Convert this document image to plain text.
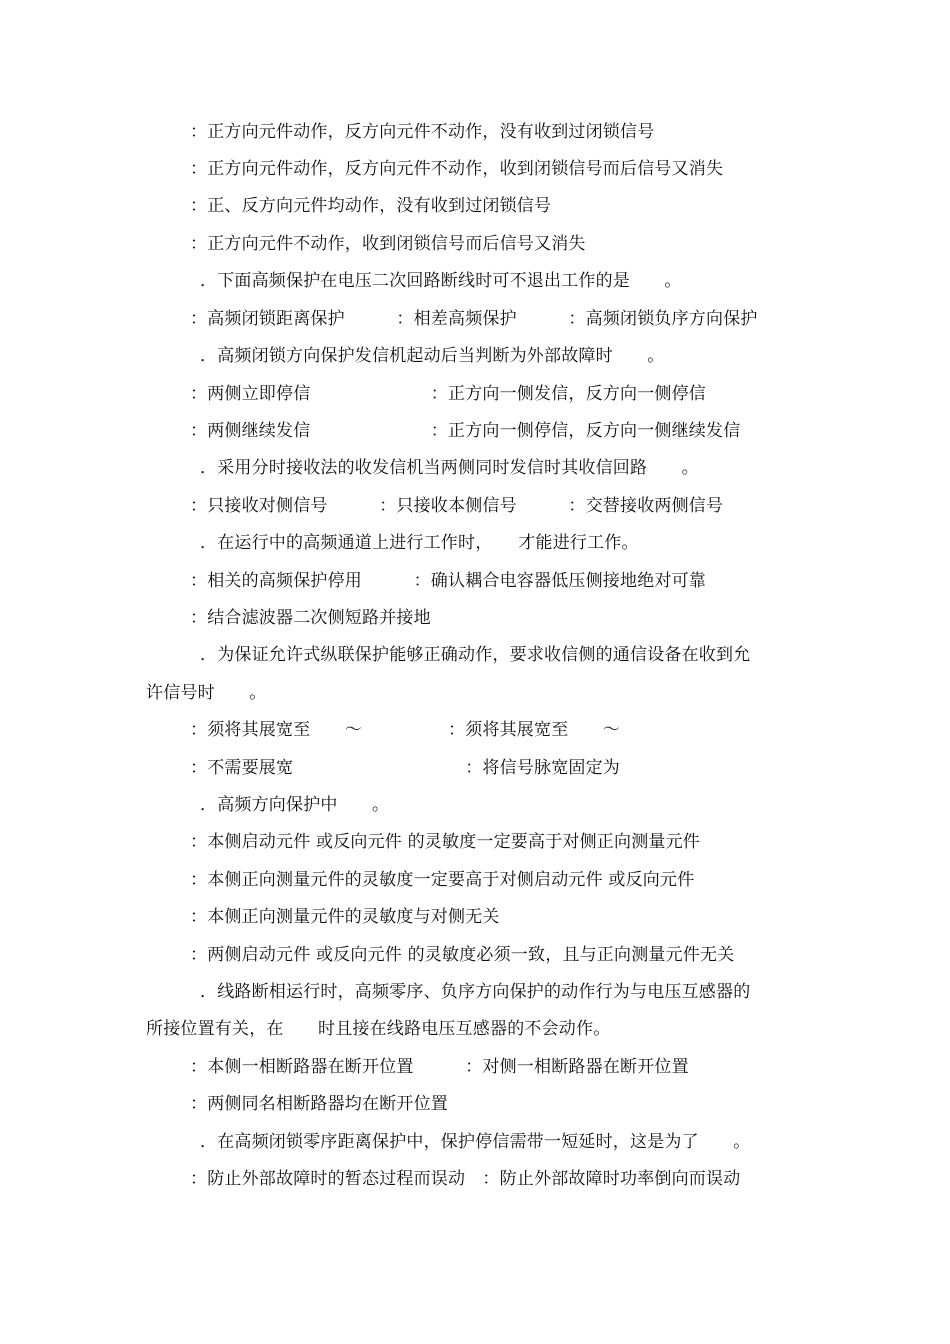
：正方向元件动作，反方向元件不动作，没有收到过闭锁信号
：正方向元件动作，反方向元件不动作，收到闭锁信号而后信号又消失
：正、反方向元件均动作，没有收到过闭锁信号
：正方向元件不动作，收到闭锁信号而后信号又消失
．下面高频保护在电压二次回路断线时可不退出工作的是　　。
：高频闭锁距离保护　　　：相差高频保护　　　：高频闭锁负序方向保护
．高频闭锁方向保护发信机起动后当判断为外部故障时　　。
：两侧立即停信　　　　　　　：正方向一侧发信，反方向一侧停信
：两侧继续发信　　　　　　　：正方向一侧停信，反方向一侧继续发信
．采用分时接收法的收发信机当两侧同时发信时其收信回路　　。
：只接收对侧信号　　　：只接收本侧信号　　　：交替接收两侧信号
．在运行中的高频通道上进行工作时，　　才能进行工作。
：相关的高频保护停用　　　：确认耦合电容器低压侧接地绝对可靠
：结合滤波器二次侧短路并接地
．为保证允许式纵联保护能够正确动作，要求收信侧的通信设备在收到允
许信号时　　。
：须将其展宽至　　～　　　　　：须将其展宽至　　～
：不需要展宽　　　　　　　　　　：将信号脉宽固定为
．高频方向保护中　　。
：本侧启动元件 或反向元件 的灵敏度一定要高于对侧正向测量元件
：本侧正向测量元件的灵敏度一定要高于对侧启动元件 或反向元件
：本侧正向测量元件的灵敏度与对侧无关
：两侧启动元件 或反向元件 的灵敏度必须一致，且与正向测量元件无关
．线路断相运行时，高频零序、负序方向保护的动作行为与电压互感器的
所接位置有关，在　　时且接在线路电压互感器的不会动作。
：本侧一相断路器在断开位置　　　：对侧一相断路器在断开位置
：两侧同名相断路器均在断开位置
．在高频闭锁零序距离保护中，保护停信需带一短延时，这是为了　　。
：防止外部故障时的暂态过程而误动　：防止外部故障时功率倒向而误动
